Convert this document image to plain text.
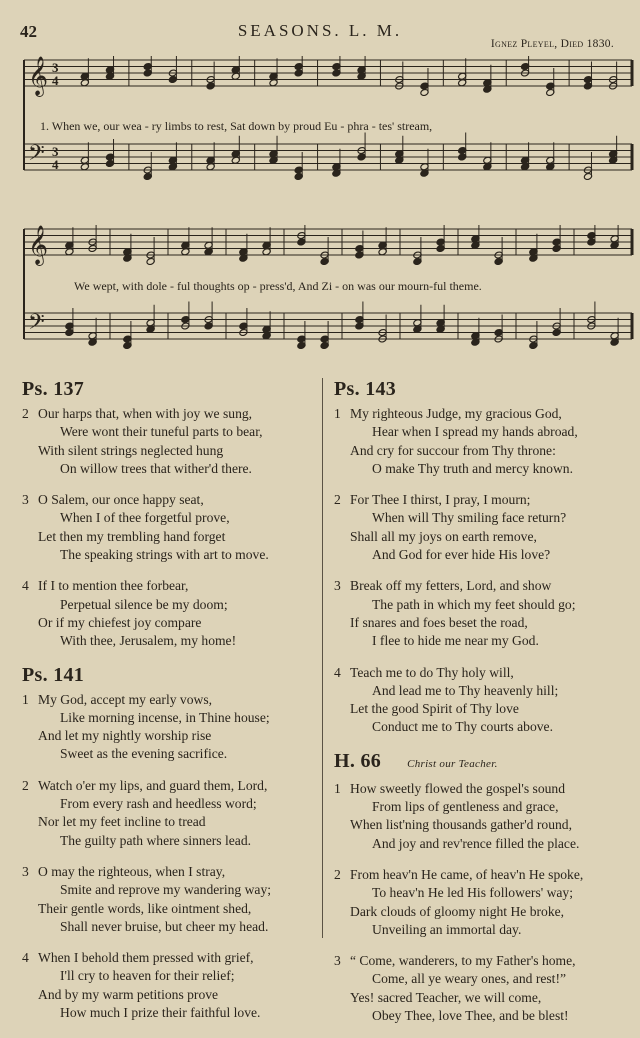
42	SEASONS. L. M.
Ignez Pleyel, Died 1830.
𝄞 3
4
𝄢 3
4
1. When we, our wea - ry limbs to rest, Sat down by proud Eu - phra - tes' stream,
𝄞
𝄢
We wept, with dole - ful thoughts op - press'd, And Zi - on was our mourn-ful theme.
Ps. 137
2 Our harps that, when with joy we sung,
Were wont their tuneful parts to bear,
With silent strings neglected hung
On willow trees that wither'd there.
3 O Salem, our once happy seat,
When I of thee forgetful prove,
Let then my trembling hand forget
The speaking strings with art to move.
4 If I to mention thee forbear,
Perpetual silence be my doom;
Or if my chiefest joy compare
With thee, Jerusalem, my home!
Ps. 141
1 My God, accept my early vows,
Like morning incense, in Thine house;
And let my nightly worship rise
Sweet as the evening sacrifice.
2 Watch o'er my lips, and guard them, Lord,
From every rash and heedless word;
Nor let my feet incline to tread
The guilty path where sinners lead.
3 O may the righteous, when I stray,
Smite and reprove my wandering way;
Their gentle words, like ointment shed,
Shall never bruise, but cheer my head.
4 When I behold them pressed with grief,
I'll cry to heaven for their relief;
And by my warm petitions prove
How much I prize their faithful love.
Ps. 143
1 My righteous Judge, my gracious God,
Hear when I spread my hands abroad,
And cry for succour from Thy throne:
O make Thy truth and mercy known.
2 For Thee I thirst, I pray, I mourn;
When will Thy smiling face return?
Shall all my joys on earth remove,
And God for ever hide His love?
3 Break off my fetters, Lord, and show
The path in which my feet should go;
If snares and foes beset the road,
I flee to hide me near my God.
4 Teach me to do Thy holy will,
And lead me to Thy heavenly hill;
Let the good Spirit of Thy love
Conduct me to Thy courts above.
H. 66 Christ our Teacher.
1 How sweetly flowed the gospel's sound
From lips of gentleness and grace,
When list'ning thousands gather'd round,
And joy and rev'rence filled the place.
2 From heav'n He came, of heav'n He spoke,
To heav'n He led His followers' way;
Dark clouds of gloomy night He broke,
Unveiling an immortal day.
3 “ Come, wanderers, to my Father's home,
Come, all ye weary ones, and rest!”
Yes! sacred Teacher, we will come,
Obey Thee, love Thee, and be blest!
